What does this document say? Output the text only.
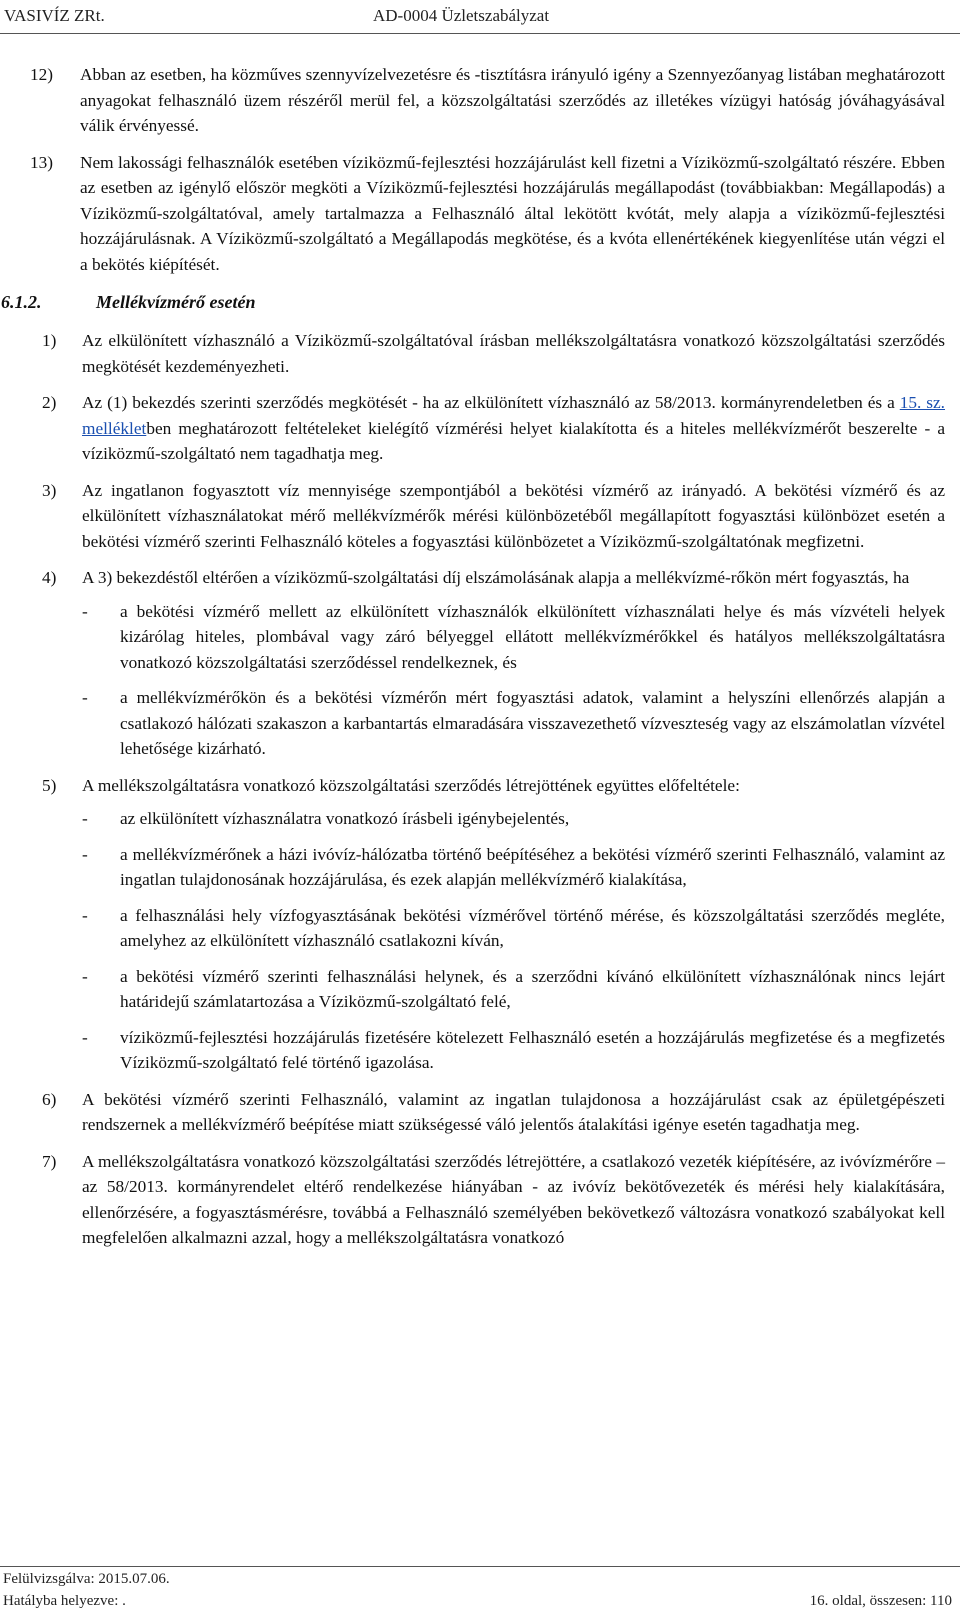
VASIVÍZ ZRt.	AD-0004 Üzletszabályzat
12) Abban az esetben, ha közműves szennyvízelvezetésre és -tisztításra irányuló igény a Szennyezőanyag listában meghatározott anyagokat felhasználó üzem részéről merül fel, a közszolgáltatási szerződés az illetékes vízügyi hatóság jóváhagyásával válik érvényessé.
13) Nem lakossági felhasználók esetében víziközmű-fejlesztési hozzájárulást kell fizetni a Víziközmű-szolgáltató részére. Ebben az esetben az igénylő először megköti a Víziközmű-fejlesztési hozzájárulás megállapodást (továbbiakban: Megállapodás) a Víziközmű-szolgáltatóval, amely tartalmazza a Felhasználó által lekötött kvótát, mely alapja a víziközmű-fejlesztési hozzájárulásnak. A Víziközmű-szolgáltató a Megállapodás megkötése, és a kvóta ellenértékének kiegyenlítése után végzi el a bekötés kiépítését.
6.1.2.	Mellékvízmérő esetén
1) Az elkülönített vízhasználó a Víziközmű-szolgáltatóval írásban mellékszolgáltatásra vonatkozó közszolgáltatási szerződés megkötését kezdeményezheti.
2) Az (1) bekezdés szerinti szerződés megkötését - ha az elkülönített vízhasználó az 58/2013. kormányrendeletben és a 15. sz. mellékletben meghatározott feltételeket kielégítő vízmérési helyet kialakította és a hiteles mellékvízmérőt beszerelte - a víziközmű-szolgáltató nem tagadhatja meg.
3) Az ingatlanon fogyasztott víz mennyisége szempontjából a bekötési vízmérő az irányadó. A bekötési vízmérő és az elkülönített vízhasználatokat mérő mellékvízmérők mérési különbözetéből megállapított fogyasztási különbözet esetén a bekötési vízmérő szerinti Felhasználó köteles a fogyasztási különbözetet a Víziközmű-szolgáltatónak megfizetni.
4) A 3) bekezdéstől eltérően a víziközmű-szolgáltatási díj elszámolásának alapja a mellékvízmé-rőkön mért fogyasztás, ha
- a bekötési vízmérő mellett az elkülönített vízhasználók elkülönített vízhasználati helye és más vízvételi helyek kizárólag hiteles, plombával vagy záró bélyeggel ellátott mellékvízmérőkkel és hatályos mellékszolgáltatásra vonatkozó közszolgáltatási szerződéssel rendelkeznek, és
- a mellékvízmérőkön és a bekötési vízmérőn mért fogyasztási adatok, valamint a helyszíni ellenőrzés alapján a csatlakozó hálózati szakaszon a karbantartás elmaradására visszavezethető vízveszteség vagy az elszámolatlan vízvétel lehetősége kizárható.
5) A mellékszolgáltatásra vonatkozó közszolgáltatási szerződés létrejöttének együttes előfeltétele:
- az elkülönített vízhasználatra vonatkozó írásbeli igénybejelentés,
- a mellékvízmérőnek a házi ivóvíz-hálózatba történő beépítéséhez a bekötési vízmérő szerinti Felhasználó, valamint az ingatlan tulajdonosának hozzájárulása, és ezek alapján mellékvízmérő kialakítása,
- a felhasználási hely vízfogyasztásának bekötési vízmérővel történő mérése, és közszolgáltatási szerződés megléte, amelyhez az elkülönített vízhasználó csatlakozni kíván,
- a bekötési vízmérő szerinti felhasználási helynek, és a szerződni kívánó elkülönített vízhasználónak nincs lejárt határidejű számlatartozása a Víziközmű-szolgáltató felé,
- víziközmű-fejlesztési hozzájárulás fizetésére kötelezett Felhasználó esetén a hozzájárulás megfizetése és a megfizetés Víziközmű-szolgáltató felé történő igazolása.
6) A bekötési vízmérő szerinti Felhasználó, valamint az ingatlan tulajdonosa a hozzájárulást csak az épületgépészeti rendszernek a mellékvízmérő beépítése miatt szükségessé váló jelentős átalakítási igénye esetén tagadhatja meg.
7) A mellékszolgáltatásra vonatkozó közszolgáltatási szerződés létrejöttére, a csatlakozó vezeték kiépítésére, az ivóvízmérőre – az 58/2013. kormányrendelet eltérő rendelkezése hiányában - az ivóvíz bekötővezeték és mérési hely kialakítására, ellenőrzésére, a fogyasztásmérésre, továbbá a Felhasználó személyében bekövetkező változásra vonatkozó szabályokat kell megfelelően alkalmazni azzal, hogy a mellékszolgáltatásra vonatkozó
Felülvizsgálva: 2015.07.06.
Hatályba helyezve: .	16. oldal, összesen: 110
